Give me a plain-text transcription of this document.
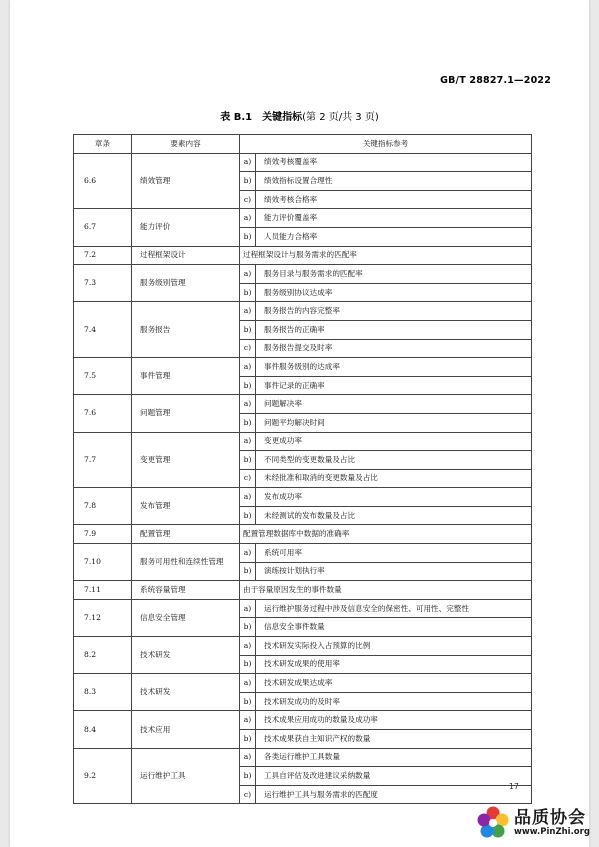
GB/T 28827.1—2022
表 B.1　关键指标(第 2 页/共 3 页)
章条	要素内容	关键指标参考	
6.6	绩效管理	a)	绩效考核覆盖率
		b)	绩效指标设置合理性
		c)	绩效考核合格率
6.7	能力评价	a)	能力评价覆盖率
		b)	人员能力合格率
7.2	过程框架设计	过程框架设计与服务需求的匹配率	
7.3	服务级别管理	a)	服务目录与服务需求的匹配率
		b)	服务级别协议达成率
7.4	服务报告	a)	服务报告的内容完整率
		b)	服务报告的正确率
		c)	服务报告提交及时率
7.5	事件管理	a)	事件服务级别的达成率
		b)	事件记录的正确率
7.6	问题管理	a)	问题解决率
		b)	问题平均解决时间
7.7	变更管理	a)	变更成功率
		b)	不同类型的变更数量及占比
		c)	未经批准和取消的变更数量及占比
7.8	发布管理	a)	发布成功率
		b)	未经测试的发布数量及占比
7.9	配置管理	配置管理数据库中数据的准确率	
7.10	服务可用性和连续性管理	a)	系统可用率
		b)	演练按计划执行率
7.11	系统容量管理	由于容量原因发生的事件数量	
7.12	信息安全管理	a)	运行维护服务过程中涉及信息安全的保密性、可用性、完整性
		b)	信息安全事件数量
8.2	技术研发	a)	技术研发实际投入占预算的比例
		b)	技术研发成果的使用率
8.3	技术研发	a)	技术研发成果达成率
		b)	技术研发成功的及时率
8.4	技术应用	a)	技术成果应用成功的数量及成功率
		b)	技术成果获自主知识产权的数量
9.2	运行维护工具	a)	各类运行维护工具数量
		b)	工具自评估及改进建议采纳数量
		c)	运行维护工具与服务需求的匹配度
17
品质协会
www.PinZhi.org
